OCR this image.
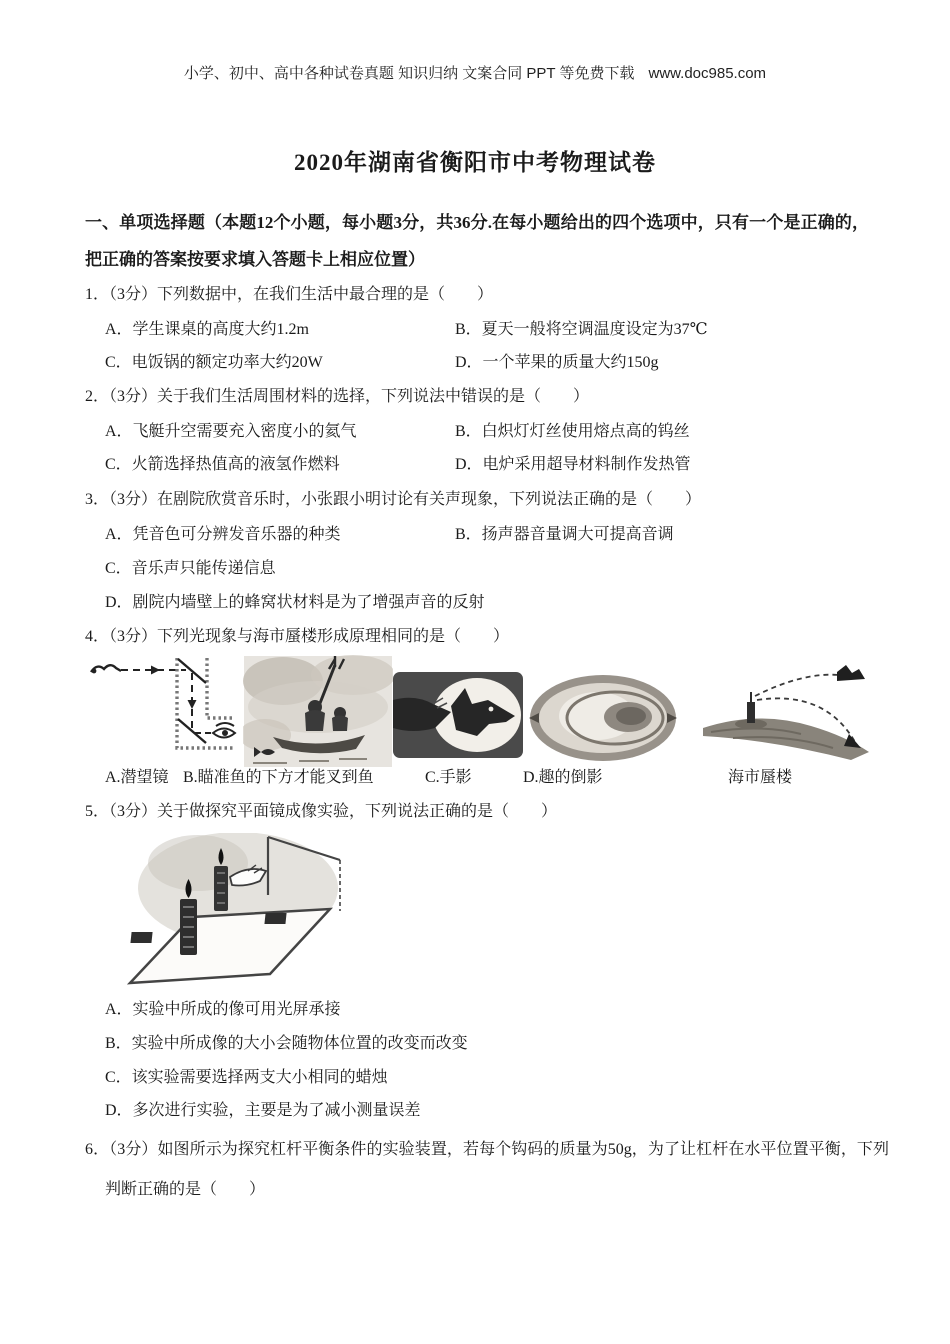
小学、初中、高中各种试卷真题 知识归纳 文案合同 PPT 等免费下载 www.doc985.com
2020年湖南省衡阳市中考物理试卷
一、单项选择题（本题12个小题，每小题3分，共36分.在每小题给出的四个选项中，只有一个是正确的，把正确的答案按要求填入答题卡上相应位置）
1．（3分）下列数据中，在我们生活中最合理的是（　　）
A．学生课桌的高度大约1.2m	B．夏天一般将空调温度设定为37℃
C．电饭锅的额定功率大约20W	D．一个苹果的质量大约150g
2．（3分）关于我们生活周围材料的选择，下列说法中错误的是（　　）
A．飞艇升空需要充入密度小的氦气	B．白炽灯灯丝使用熔点高的钨丝
C．火箭选择热值高的液氢作燃料	D．电炉采用超导材料制作发热管
3．（3分）在剧院欣赏音乐时，小张跟小明讨论有关声现象，下列说法正确的是（　　）
A．凭音色可分辨发音乐器的种类	B．扬声器音量调大可提高音调
C．音乐声只能传递信息
D．剧院内墙壁上的蜂窝状材料是为了增强声音的反射
4．（3分）下列光现象与海市蜃楼形成原理相同的是（　　）
A.潜望镜 B.瞄准鱼的下方才能叉到鱼	C.手影	D.趣的倒影	海市蜃楼
5．（3分）关于做探究平面镜成像实验，下列说法正确的是（　　）
A．实验中所成的像可用光屏承接
B．实验中所成像的大小会随物体位置的改变而改变
C．该实验需要选择两支大小相同的蜡烛
D．多次进行实验，主要是为了减小测量误差
6．（3分）如图所示为探究杠杆平衡条件的实验装置，若每个钩码的质量为50g，为了让杠杆在水平位置平衡，下列判断正确的是（　　）
